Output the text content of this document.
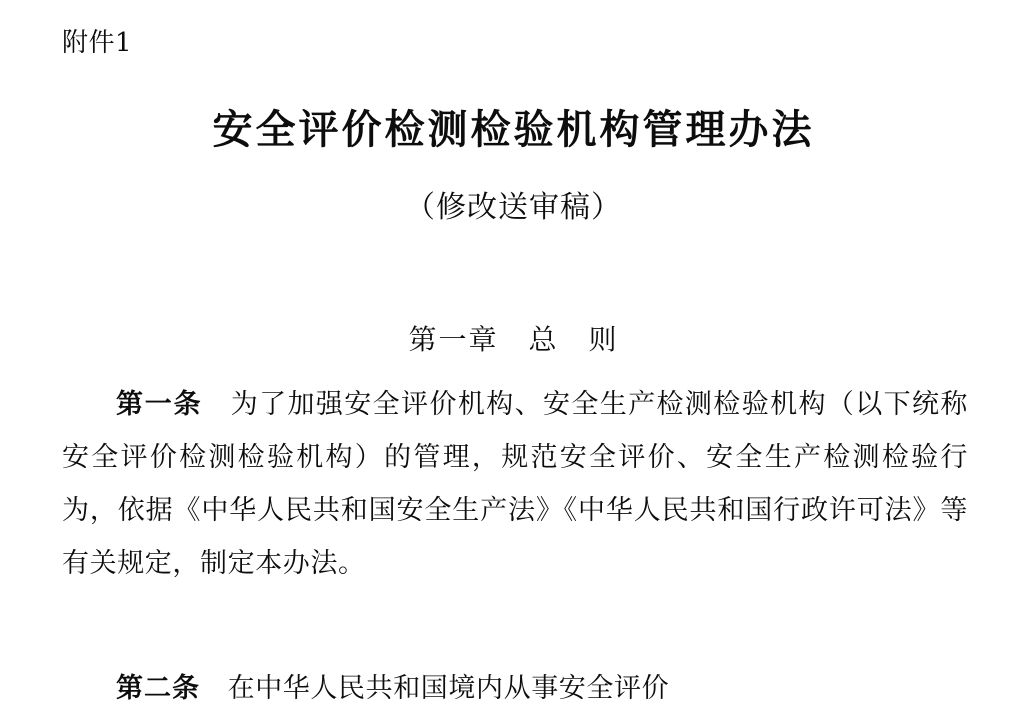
附件1
安全评价检测检验机构管理办法
（修改送审稿）
第一章　总　则

第一条　为了加强安全评价机构、安全生产检测检验机构（以下统称安全评价检测检验机构）的管理，规范安全评价、安全生产检测检验行为，依据《中华人民共和国安全生产法》《中华人民共和国行政许可法》等有关规定，制定本办法。

第二条　在中华人民共和国境内从事安全评价
